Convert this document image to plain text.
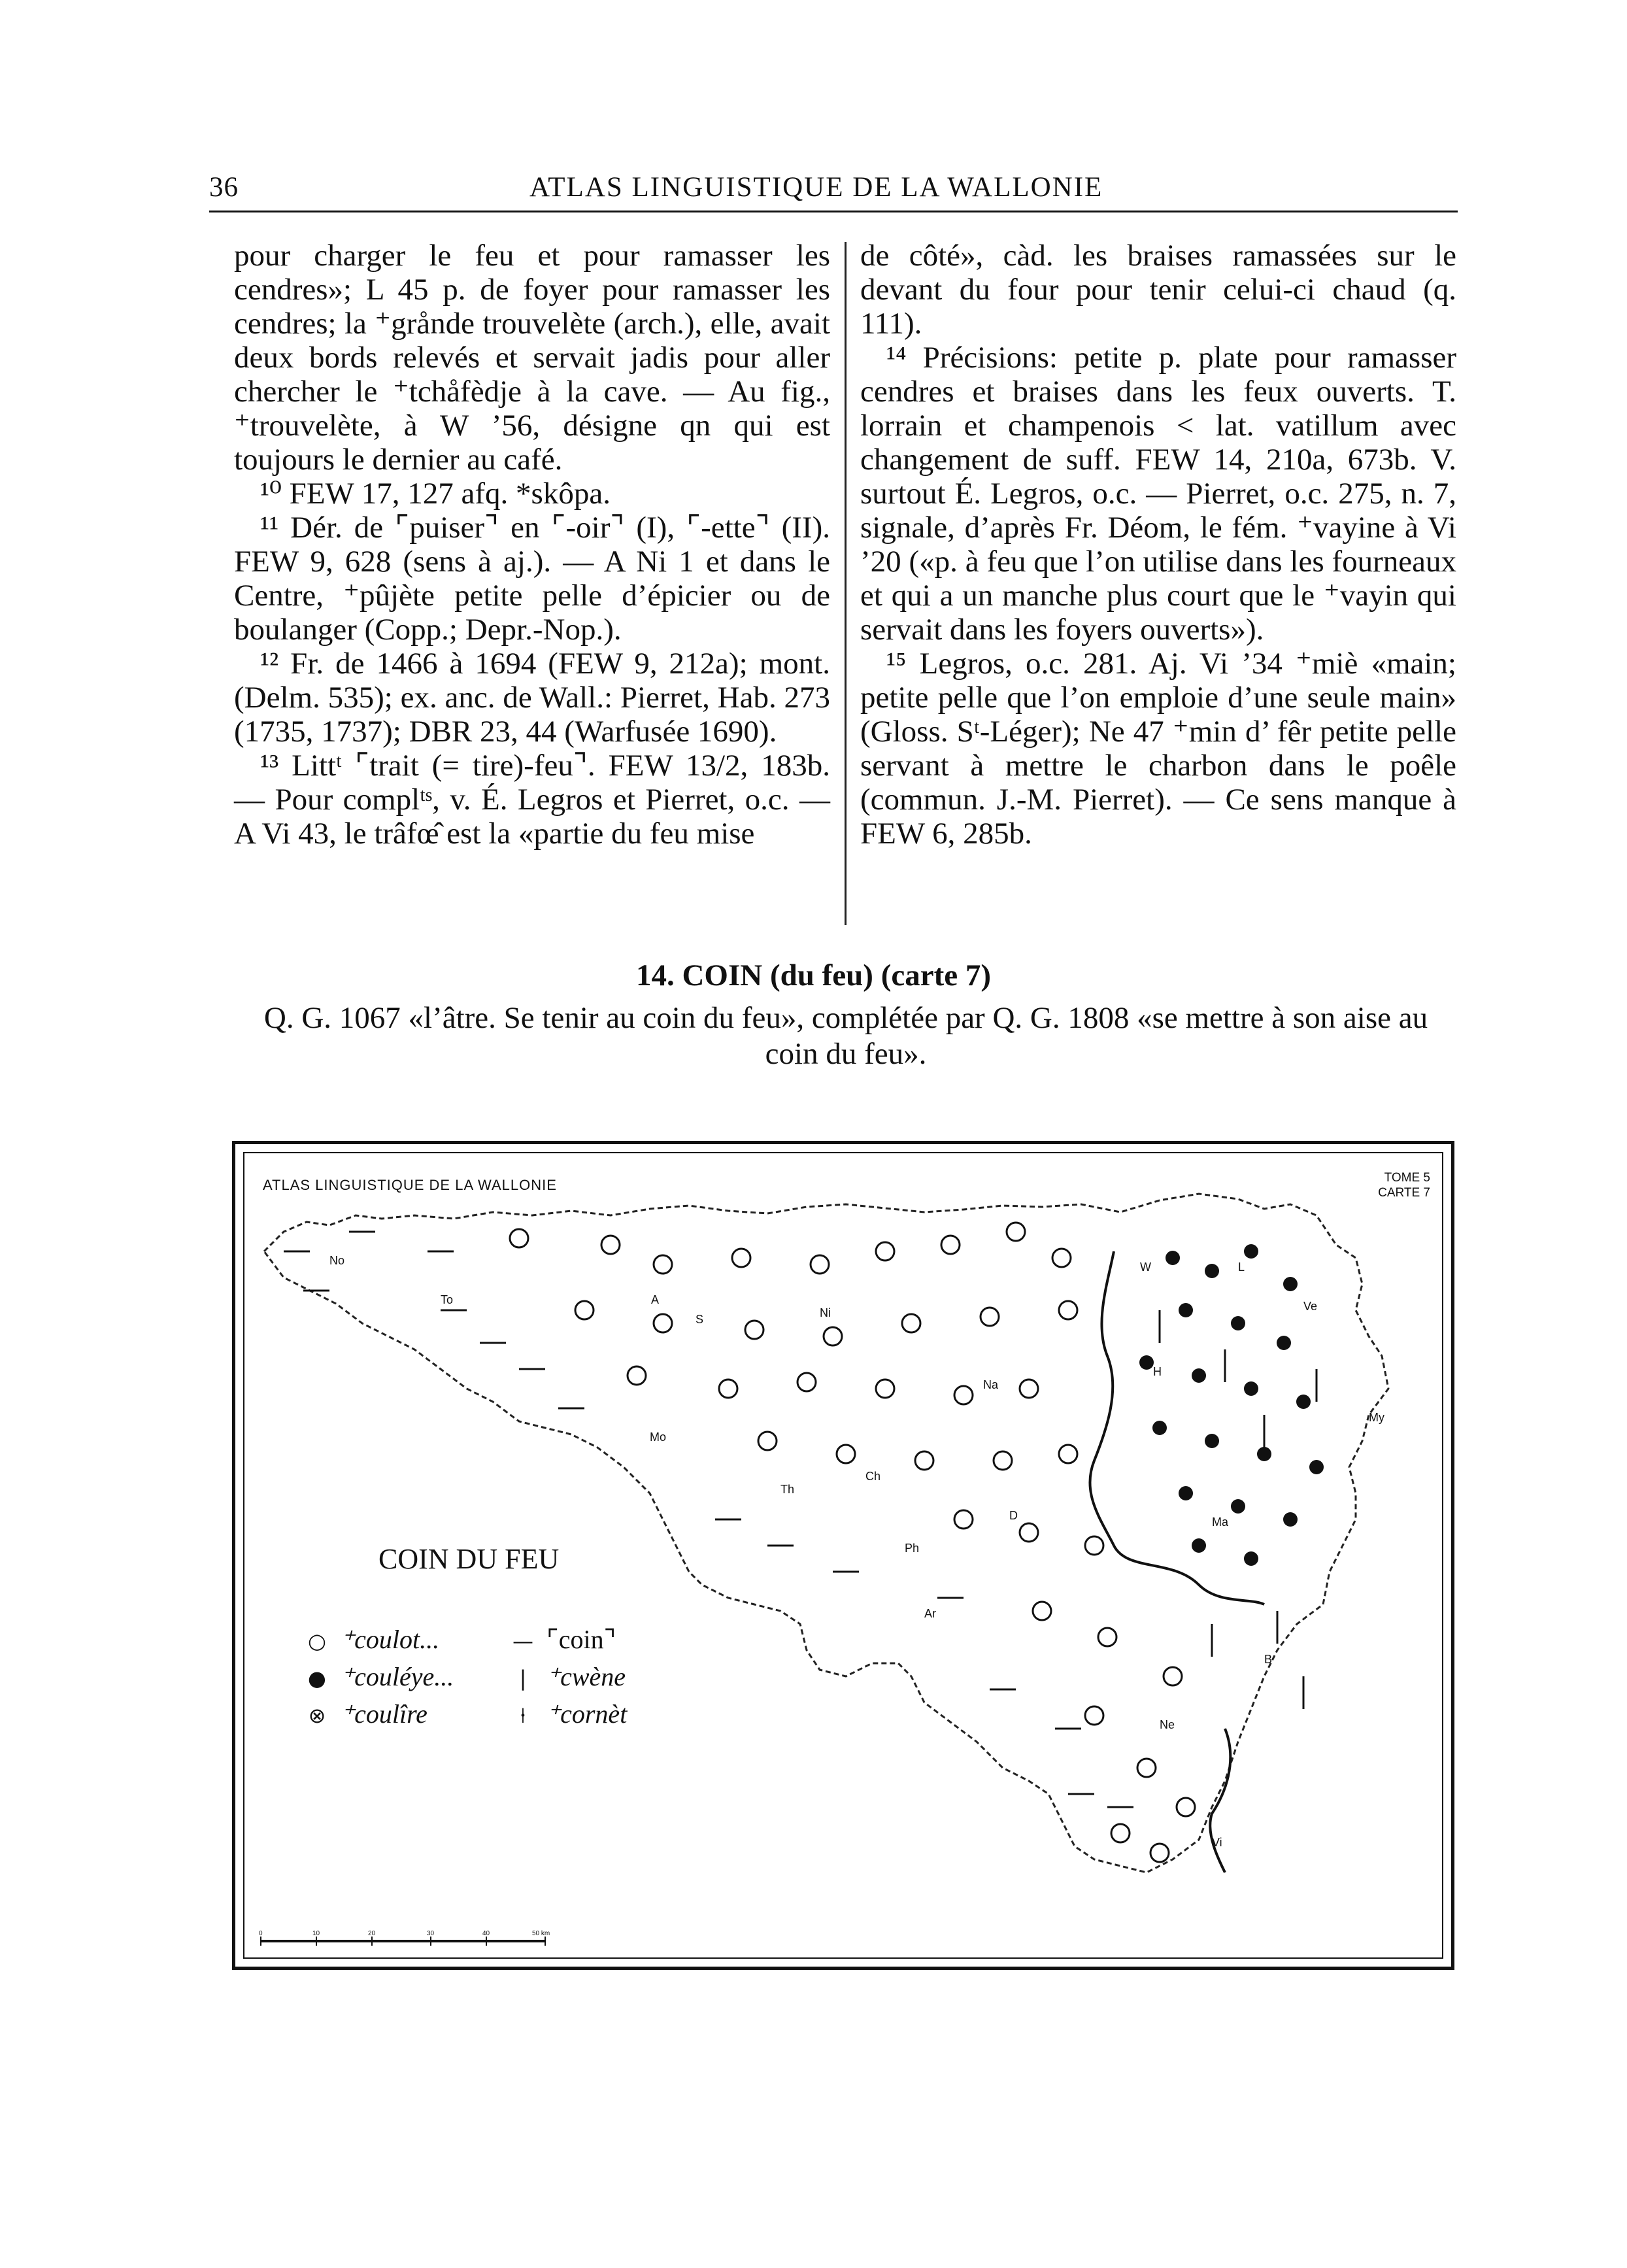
36	ATLAS LINGUISTIQUE DE LA WALLONIE

pour charger le feu et pour ramasser les cendres»; L 45 p. de foyer pour ramasser les cendres; la ⁺grånde trouvelète (arch.), elle, avait deux bords relevés et servait jadis pour aller chercher le ⁺tchåfèdje à la cave. — Au fig., ⁺trouvelète, à W ’56, désigne qn qui est toujours le dernier au café.

¹⁰ FEW 17, 127 afq. *skôpa.

¹¹ Dér. de ⌜puiser⌝ en ⌜-oir⌝ (I), ⌜-ette⌝ (II). FEW 9, 628 (sens à aj.). — A Ni 1 et dans le Centre, ⁺pûjète petite pelle d’épicier ou de boulanger (Copp.; Depr.-Nop.).

¹² Fr. de 1466 à 1694 (FEW 9, 212a); mont. (Delm. 535); ex. anc. de Wall.: Pierret, Hab. 273 (1735, 1737); DBR 23, 44 (Warfusée 1690).

¹³ Littᵗ ⌜trait (= tire)-feu⌝. FEW 13/2, 183b. — Pour complᵗˢ, v. É. Legros et Pierret, o.c. — A Vi 43, le trâfœ̂ est la «partie du feu mise

de côté», càd. les braises ramassées sur le devant du four pour tenir celui-ci chaud (q. 111).

¹⁴ Précisions: petite p. plate pour ramasser cendres et braises dans les feux ouverts. T. lorrain et champenois < lat. vatillum avec changement de suff. FEW 14, 210a, 673b. V. surtout É. Legros, o.c. — Pierret, o.c. 275, n. 7, signale, d’après Fr. Déom, le fém. ⁺vayine à Vi ’20 («p. à feu que l’on utilise dans les fourneaux et qui a un manche plus court que le ⁺vayin qui servait dans les foyers ouverts»).

¹⁵ Legros, o.c. 281. Aj. Vi ’34 ⁺miè «main; petite pelle que l’on emploie d’une seule main» (Gloss. Sᵗ-Léger); Ne 47 ⁺min d’ fêr petite pelle servant à mettre le charbon dans le poêle (commun. J.-M. Pierret). — Ce sens manque à FEW 6, 285b.

14. COIN (du feu) (carte 7)
Q. G. 1067 «l’âtre. Se tenir au coin du feu», complétée par Q. G. 1808 «se mettre à son aise au coin du feu».
No
To	A
Mo
S	Ni
Th
Ch
W	L
Ve
H
Na
D
Ph
Ma
My
Ar
B
Ne
Vi
0	10	20	30	40	50 km
ATLAS LINGUISTIQUE DE LA WALLONIE	TOME 5
CARTE 7
COIN DU FEU
○ ⁺coulot...
● ⁺couléye...
⊗ ⁺coulîre
— ⌜coin⌝
| ⁺cwène
⍿ ⁺cornèt
